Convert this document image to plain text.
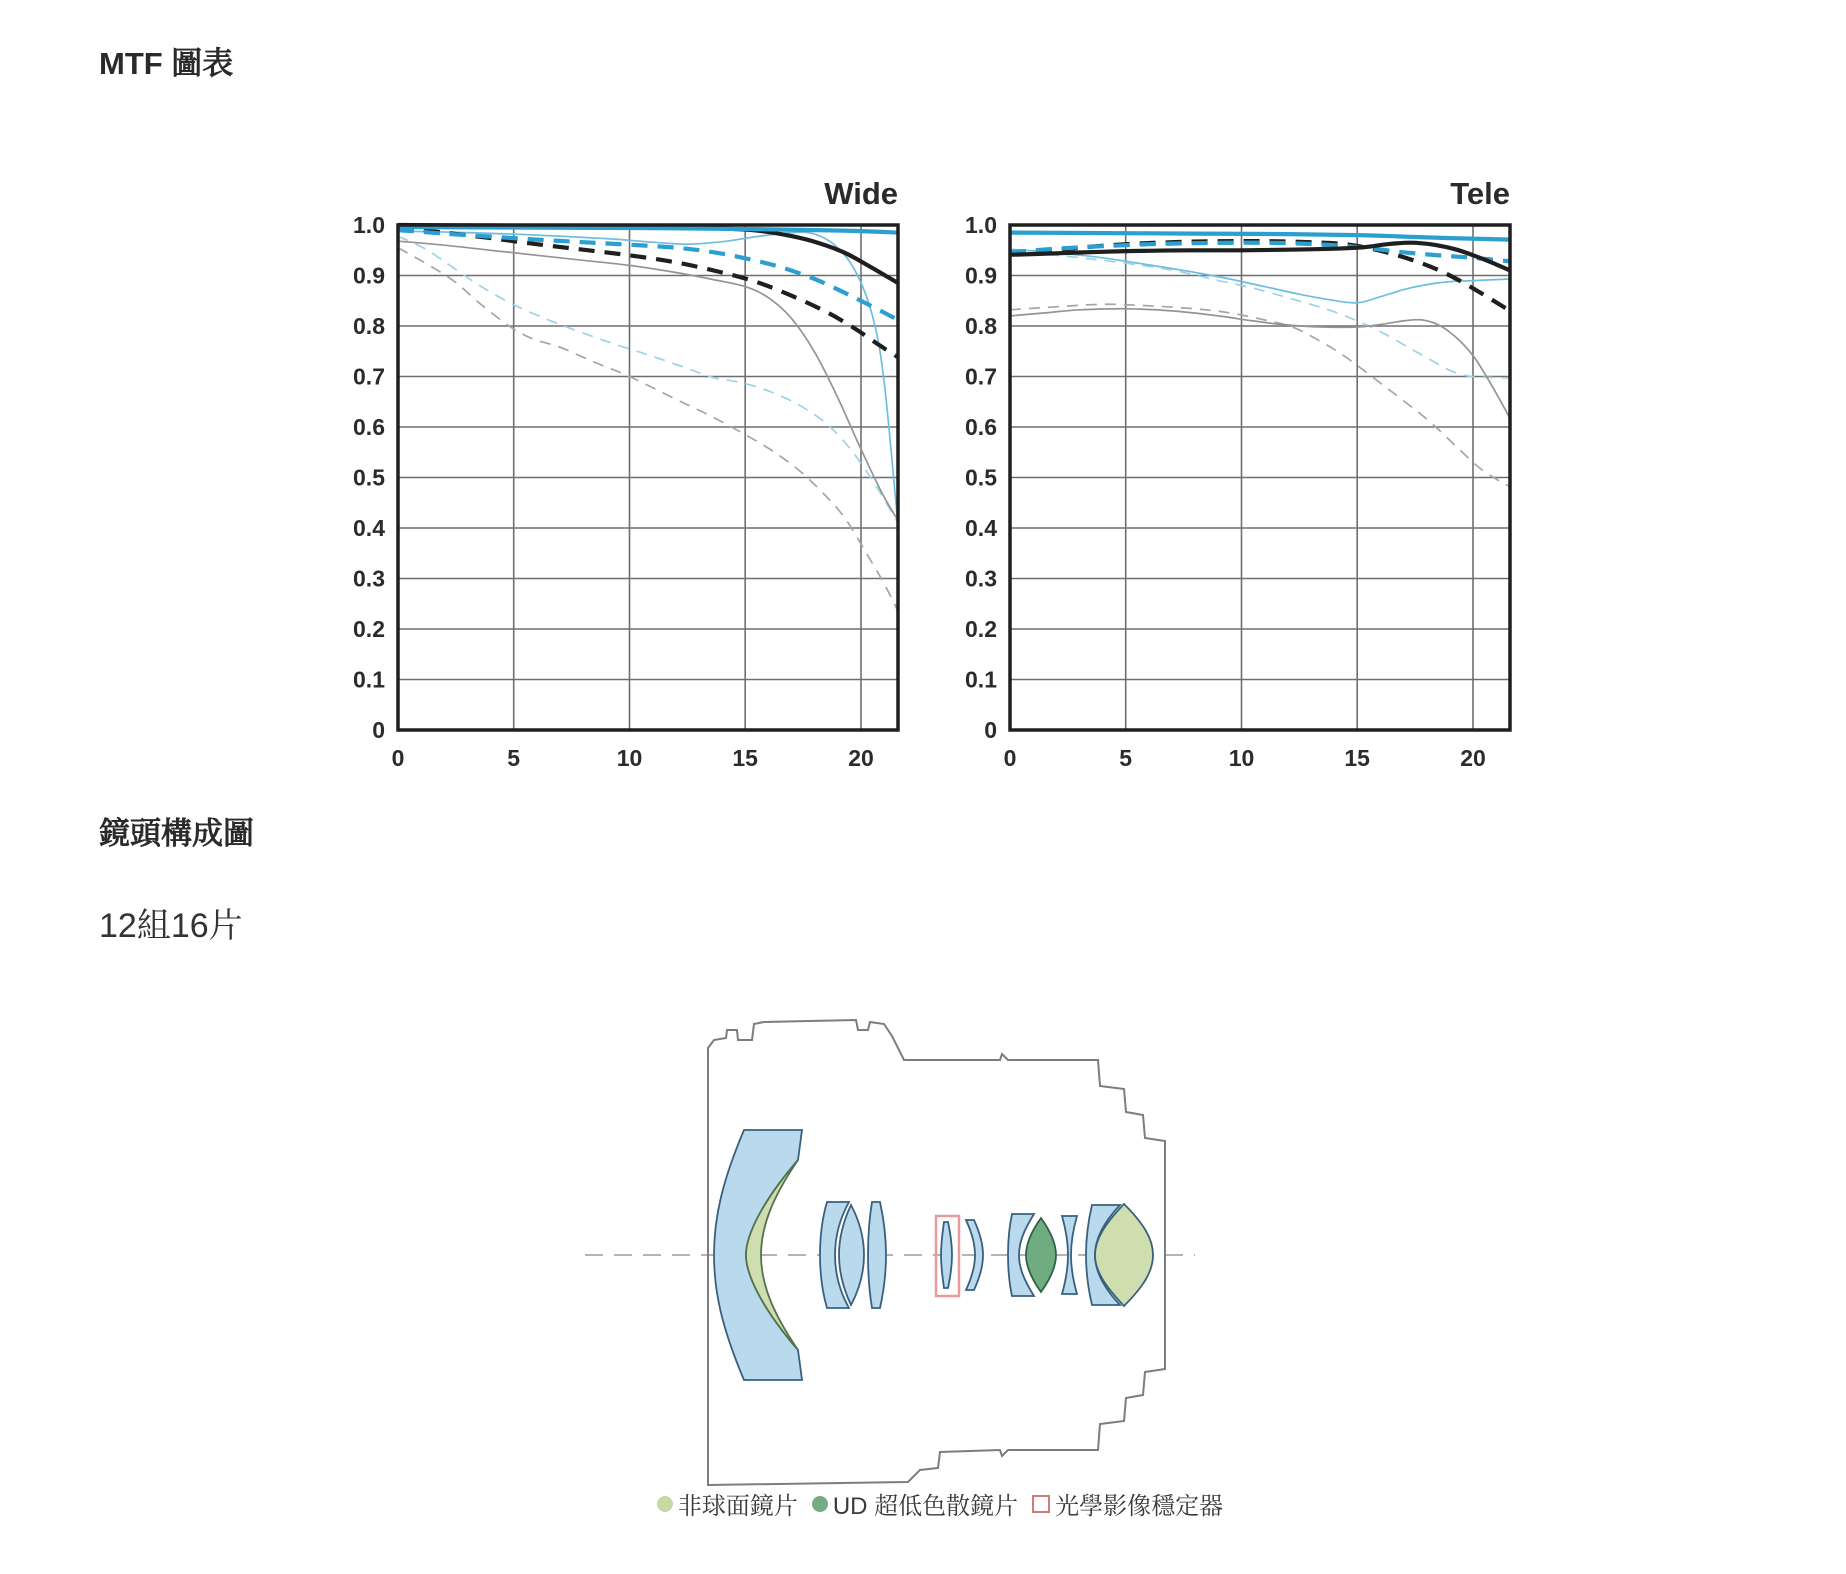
MTF 圖表
1.0
0.9
0.8
0.7
0.6
0.5
0.4
0.3
0.2
0.1
0
0	5	10	15	20
Wide
1.0
0.9
0.8
0.7
0.6
0.5
0.4
0.3
0.2
0.1
0
0	5	10	15	20
Tele
鏡頭構成圖

12組16片

非球面鏡片 UD 超低色散鏡片 光學影像穩定器
